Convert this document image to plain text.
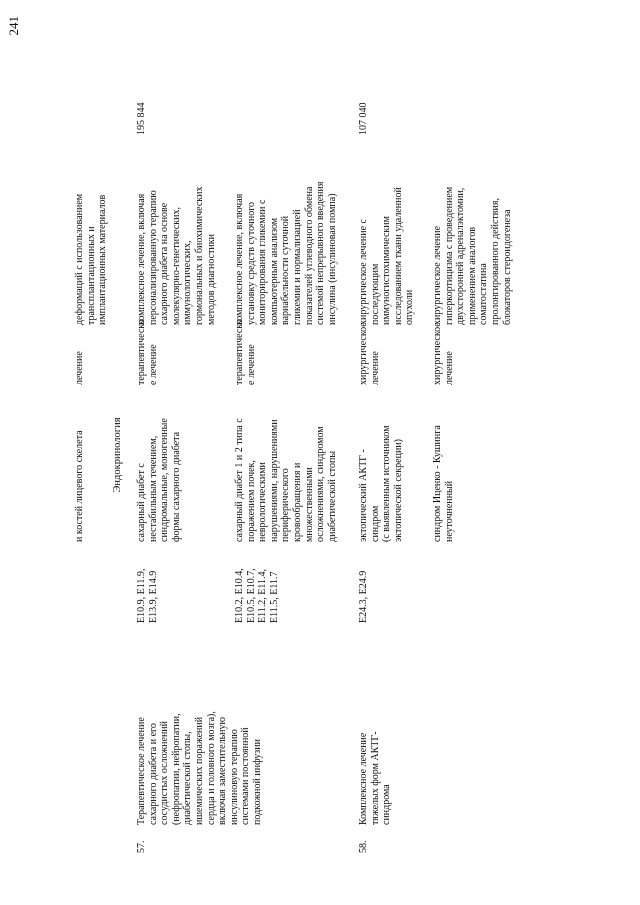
241
и костей лицевого скелета
лечение
деформаций с использованием
трансплантационных и
имплантационных материалов
Эндокринология
57.
Терапевтическое лечение
сахарного диабета и его
сосудистых осложнений
(нефропатии, нейропатии,
диабетической стопы,
ишемических поражений
сердца и головного мозга),
включая заместительную
инсулиновую терапию
системами постоянной
подкожной инфузии
195 844
E10.9, E11.9,
E13.9, E14.9
сахарный диабет с
нестабильным течением,
синдромальные, моногенные
формы сахарного диабета
терапевтическо
е лечение
комплексное лечение, включая
персонализированную терапию
сахарного диабета на основе
молекулярно-генетических,
иммунологических,
гормональных и биохимических
методов диагностики
E10.2, E10.4,
E10.5, E10.7,
E11.2, E11.4,
E11.5, E11.7
сахарный диабет 1 и 2 типа с
поражением почек,
неврологическими
нарушениями, нарушениями
периферического
кровообращения и
множественными
осложнениями, синдромом
диабетической стопы
терапевтическо
е лечение
комплексное лечение, включая
установку средств суточного
мониторирования гликемии с
компьютерным анализом
вариабельности суточной
гликемии и нормализацией
показателей углеводного обмена
системой непрерывного введения
инсулина (инсулиновая помпа)
58.
Комплексное лечение
тяжелых форм АКТГ-
синдрома
107 040
E24.3, E24.9
эктопический АКТГ - синдром
(с выявленным источником
эктопической секреции)
хирургическое
лечение
хирургическое лечение с
последующим
иммуногистохимическим
исследованием ткани удаленной
опухоли
синдром Иценко - Кушинга
неуточненный
хирургическое
лечение
хирургическое лечение
гиперкортицизма с проведением
двухсторонней адреналэктомии,
применением аналогов
соматостатина
пролонгированного действия,
блокаторов стероидогенеза
